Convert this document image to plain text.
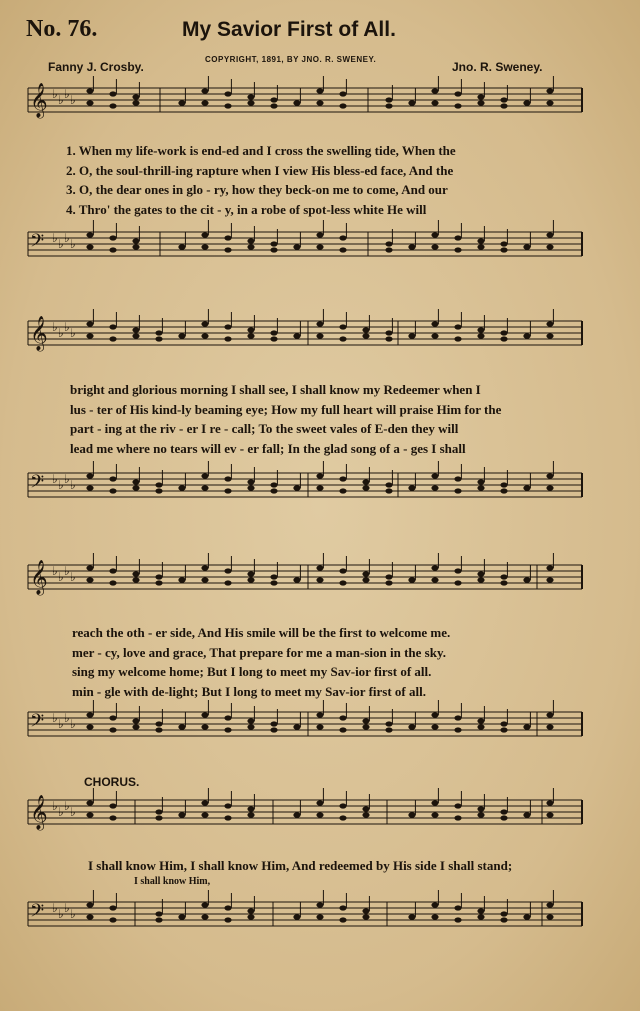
No. 76.	My Savior First of All.
COPYRIGHT, 1891, BY JNO. R. SWENEY.
Fanny J. Crosby.	Jno. R. Sweney.
𝄞 ♭ ♭ ♭ ♭
𝄢 ♭ ♭ ♭ ♭
𝄞 ♭ ♭ ♭ ♭
𝄢 ♭ ♭ ♭ ♭
𝄞 ♭ ♭ ♭ ♭
𝄢 ♭ ♭ ♭ ♭
𝄞 ♭ ♭ ♭ ♭
𝄢 ♭ ♭ ♭ ♭
1. When my life-work is end-ed and I cross the swelling tide, When the
2. O, the soul-thrill-ing rapture when I view His bless-ed face, And the
3. O, the dear ones in glo - ry, how they beck-on me to come, And our
4. Thro' the gates to the cit - y, in a robe of spot-less white He will
bright and glorious morning I shall see, I shall know my Redeemer when I
lus - ter of His kind-ly beaming eye; How my full heart will praise Him for the
part - ing at the riv - er I re - call; To the sweet vales of E-den they will
lead me where no tears will ev - er fall; In the glad song of a - ges I shall
reach the oth - er side, And His smile will be the first to welcome me.
mer - cy, love and grace, That prepare for me a man-sion in the sky.
sing my welcome home; But I long to meet my Sav-ior first of all.
min - gle with de-light; But I long to meet my Sav-ior first of all.
CHORUS.
I shall know Him, I shall know Him, And redeemed by His side I shall stand;
I shall know Him,
